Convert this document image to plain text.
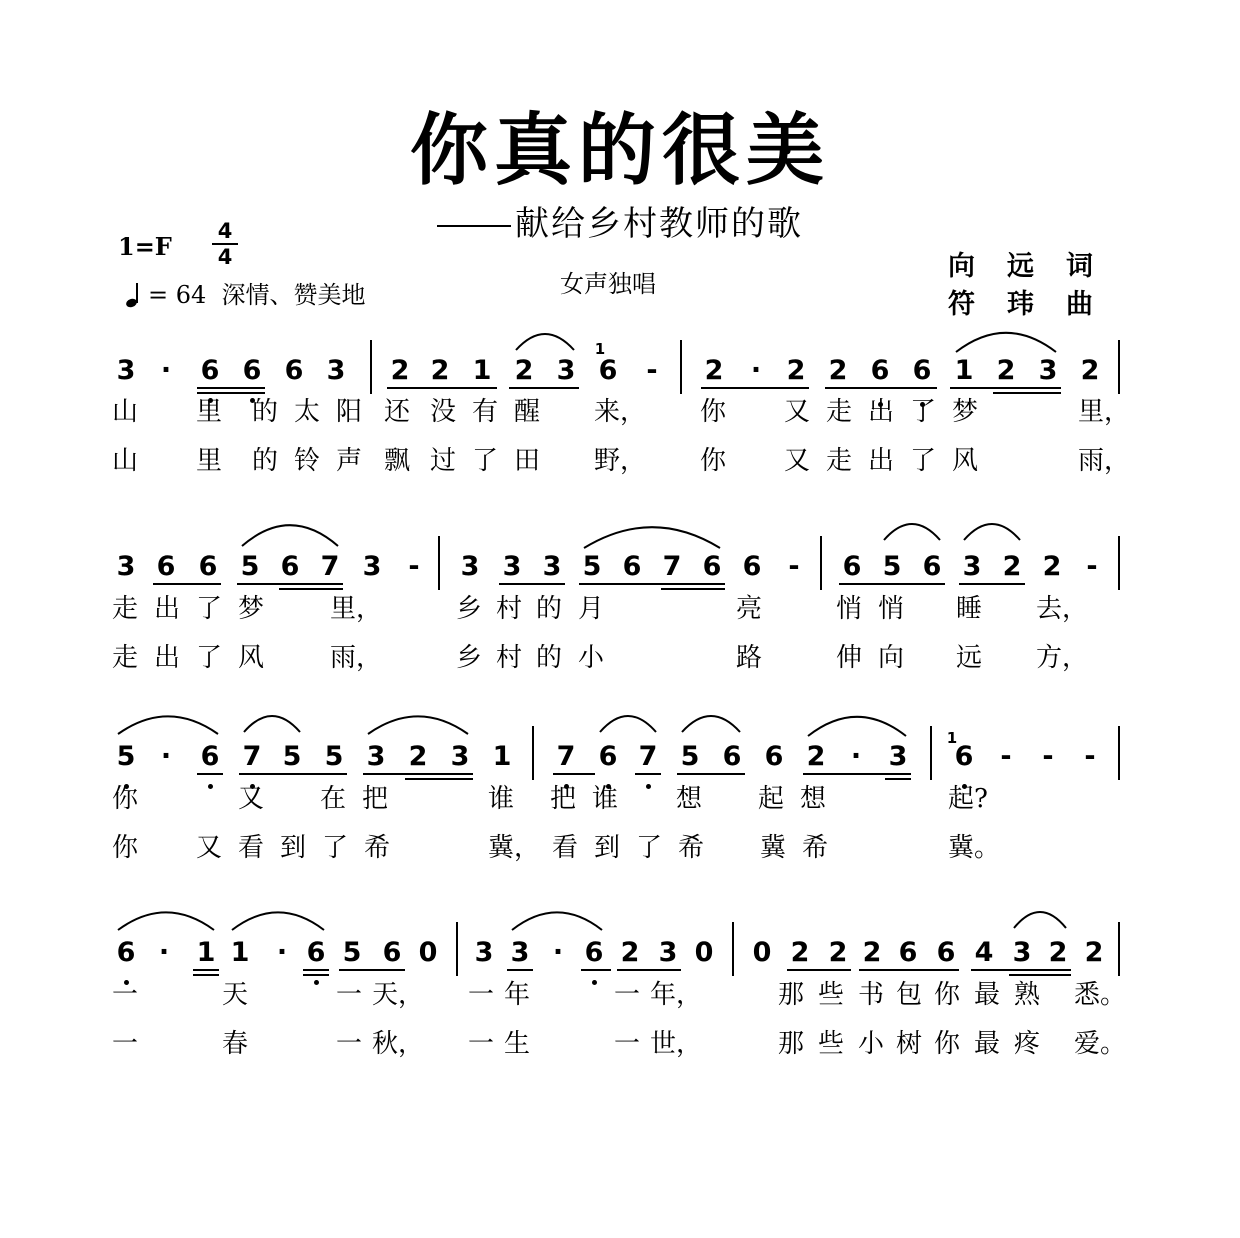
你真的很美
献给乡村教师的歌
1=F
4
4
= 64 深情、赞美地	女声独唱
向远词
符玮曲
3 · 6 6 6 3 2 2 1 2 3 6 - 2 · 2 2 6 6 1 2 3 2
1
山 里 的 太 阳 还 没 有 醒 来， 你 又 走 出 了 梦	里，
山 里 的 铃 声 飘 过 了 田 野， 你 又 走 出 了 风	雨，
3 6 6 5 6 7 3 - 3 3 3 5 6 7 6 6 - 6 5 6 3 2 2 -
走 出 了 梦	里，	乡 村 的 月	亮	悄 悄 睡 去，
走 出 了 风	雨，	乡 村 的 小	路	伸 向 远 方，
5 · 6 7 5 5 3 2 3 1 7 6 7 5 6 6 2 · 3 6 - - -
1
你	又 在 把	谁 把 谁 想 起 想	起?
你 又 看 到 了 希	冀， 看 到 了 希 冀 希	冀。
6 · 1 1 · 6 5 6 0 3 3 · 6 2 3 0 0 2 2 2 6 6 4 3 2 2
一	天	一 天， 一 年	一 年，	那 些 书 包 你 最 熟 悉。
一	春	一 秋， 一 生	一 世，	那 些 小 树 你 最 疼 爱。
